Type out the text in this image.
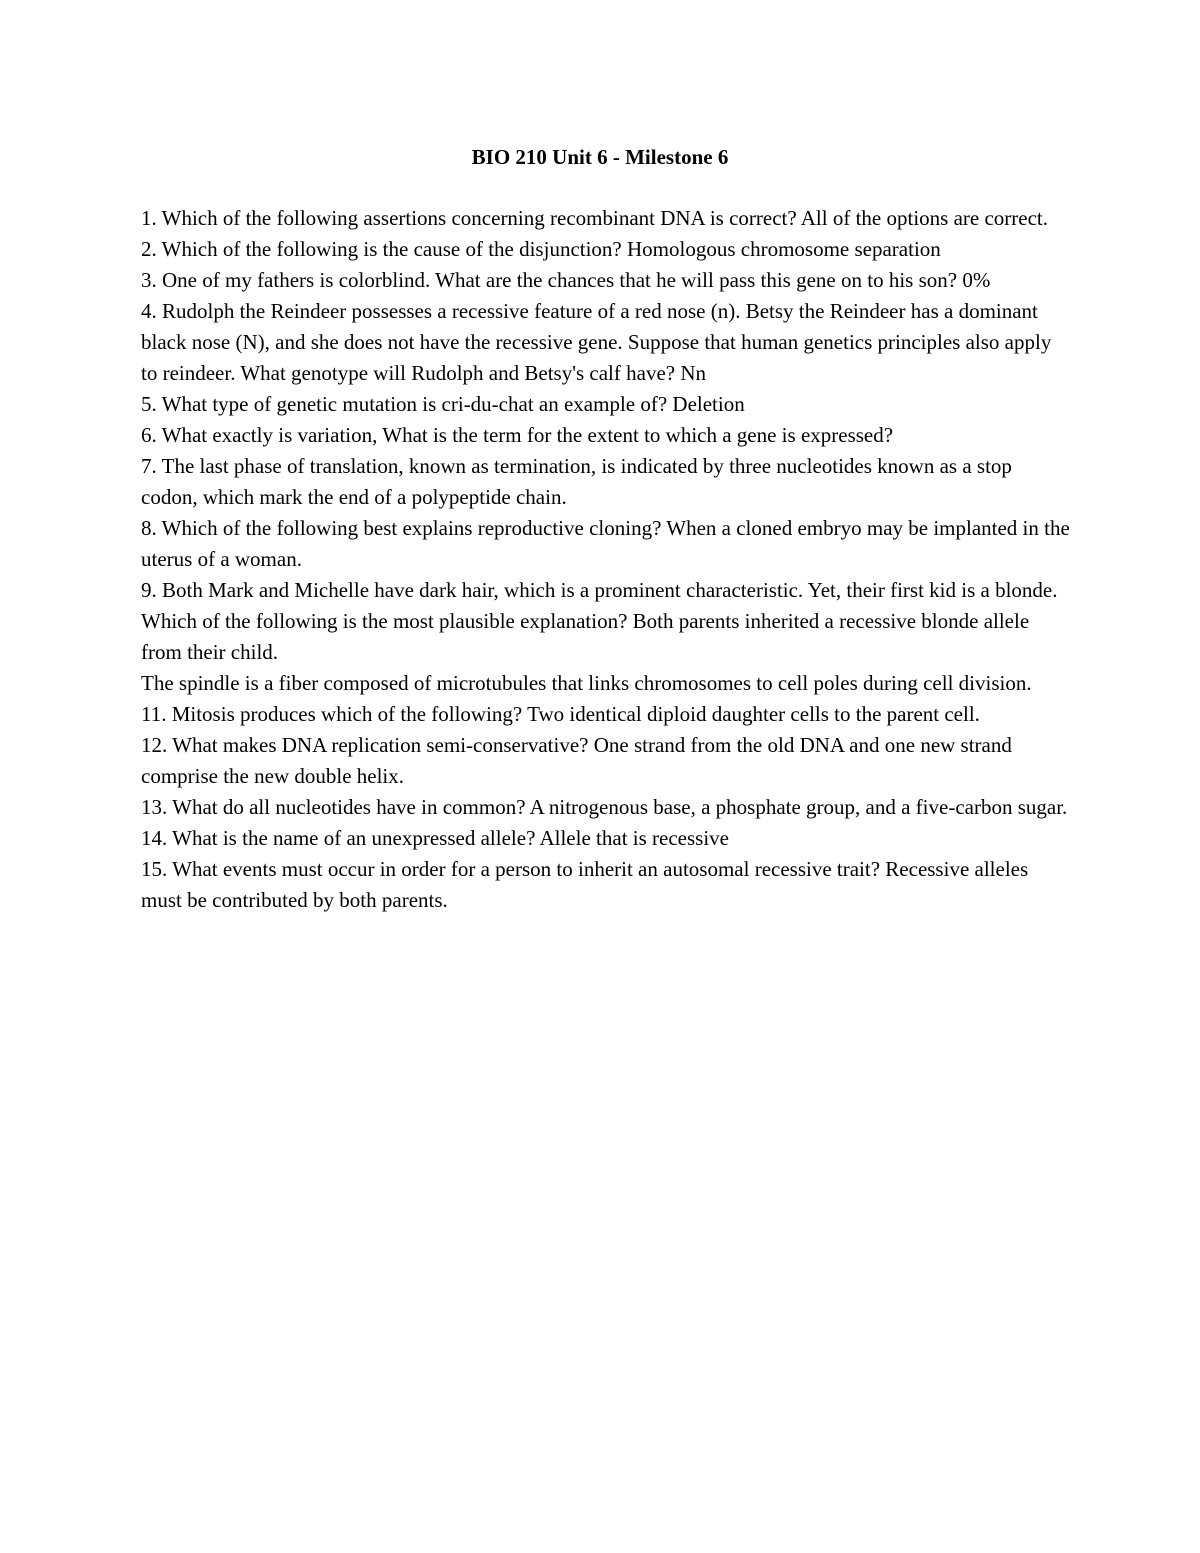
BIO 210 Unit 6 - Milestone 6

1. Which of the following assertions concerning recombinant DNA is correct? All of the options are correct.

2. Which of the following is the cause of the disjunction? Homologous chromosome separation

3. One of my fathers is colorblind. What are the chances that he will pass this gene on to his son? 0%

4. Rudolph the Reindeer possesses a recessive feature of a red nose (n). Betsy the Reindeer has a dominant black nose (N), and she does not have the recessive gene. Suppose that human genetics principles also apply to reindeer. What genotype will Rudolph and Betsy's calf have? Nn

5. What type of genetic mutation is cri-du-chat an example of? Deletion

6. What exactly is variation, What is the term for the extent to which a gene is expressed?

7. The last phase of translation, known as termination, is indicated by three nucleotides known as a stop codon, which mark the end of a polypeptide chain.

8. Which of the following best explains reproductive cloning? When a cloned embryo may be implanted in the uterus of a woman.

9. Both Mark and Michelle have dark hair, which is a prominent characteristic. Yet, their first kid is a blonde. Which of the following is the most plausible explanation? Both parents inherited a recessive blonde allele from their child.

The spindle is a fiber composed of microtubules that links chromosomes to cell poles during cell division.

11. Mitosis produces which of the following? Two identical diploid daughter cells to the parent cell.

12. What makes DNA replication semi-conservative? One strand from the old DNA and one new strand comprise the new double helix.

13. What do all nucleotides have in common? A nitrogenous base, a phosphate group, and a five-carbon sugar.

14. What is the name of an unexpressed allele? Allele that is recessive

15. What events must occur in order for a person to inherit an autosomal recessive trait? Recessive alleles must be contributed by both parents.
